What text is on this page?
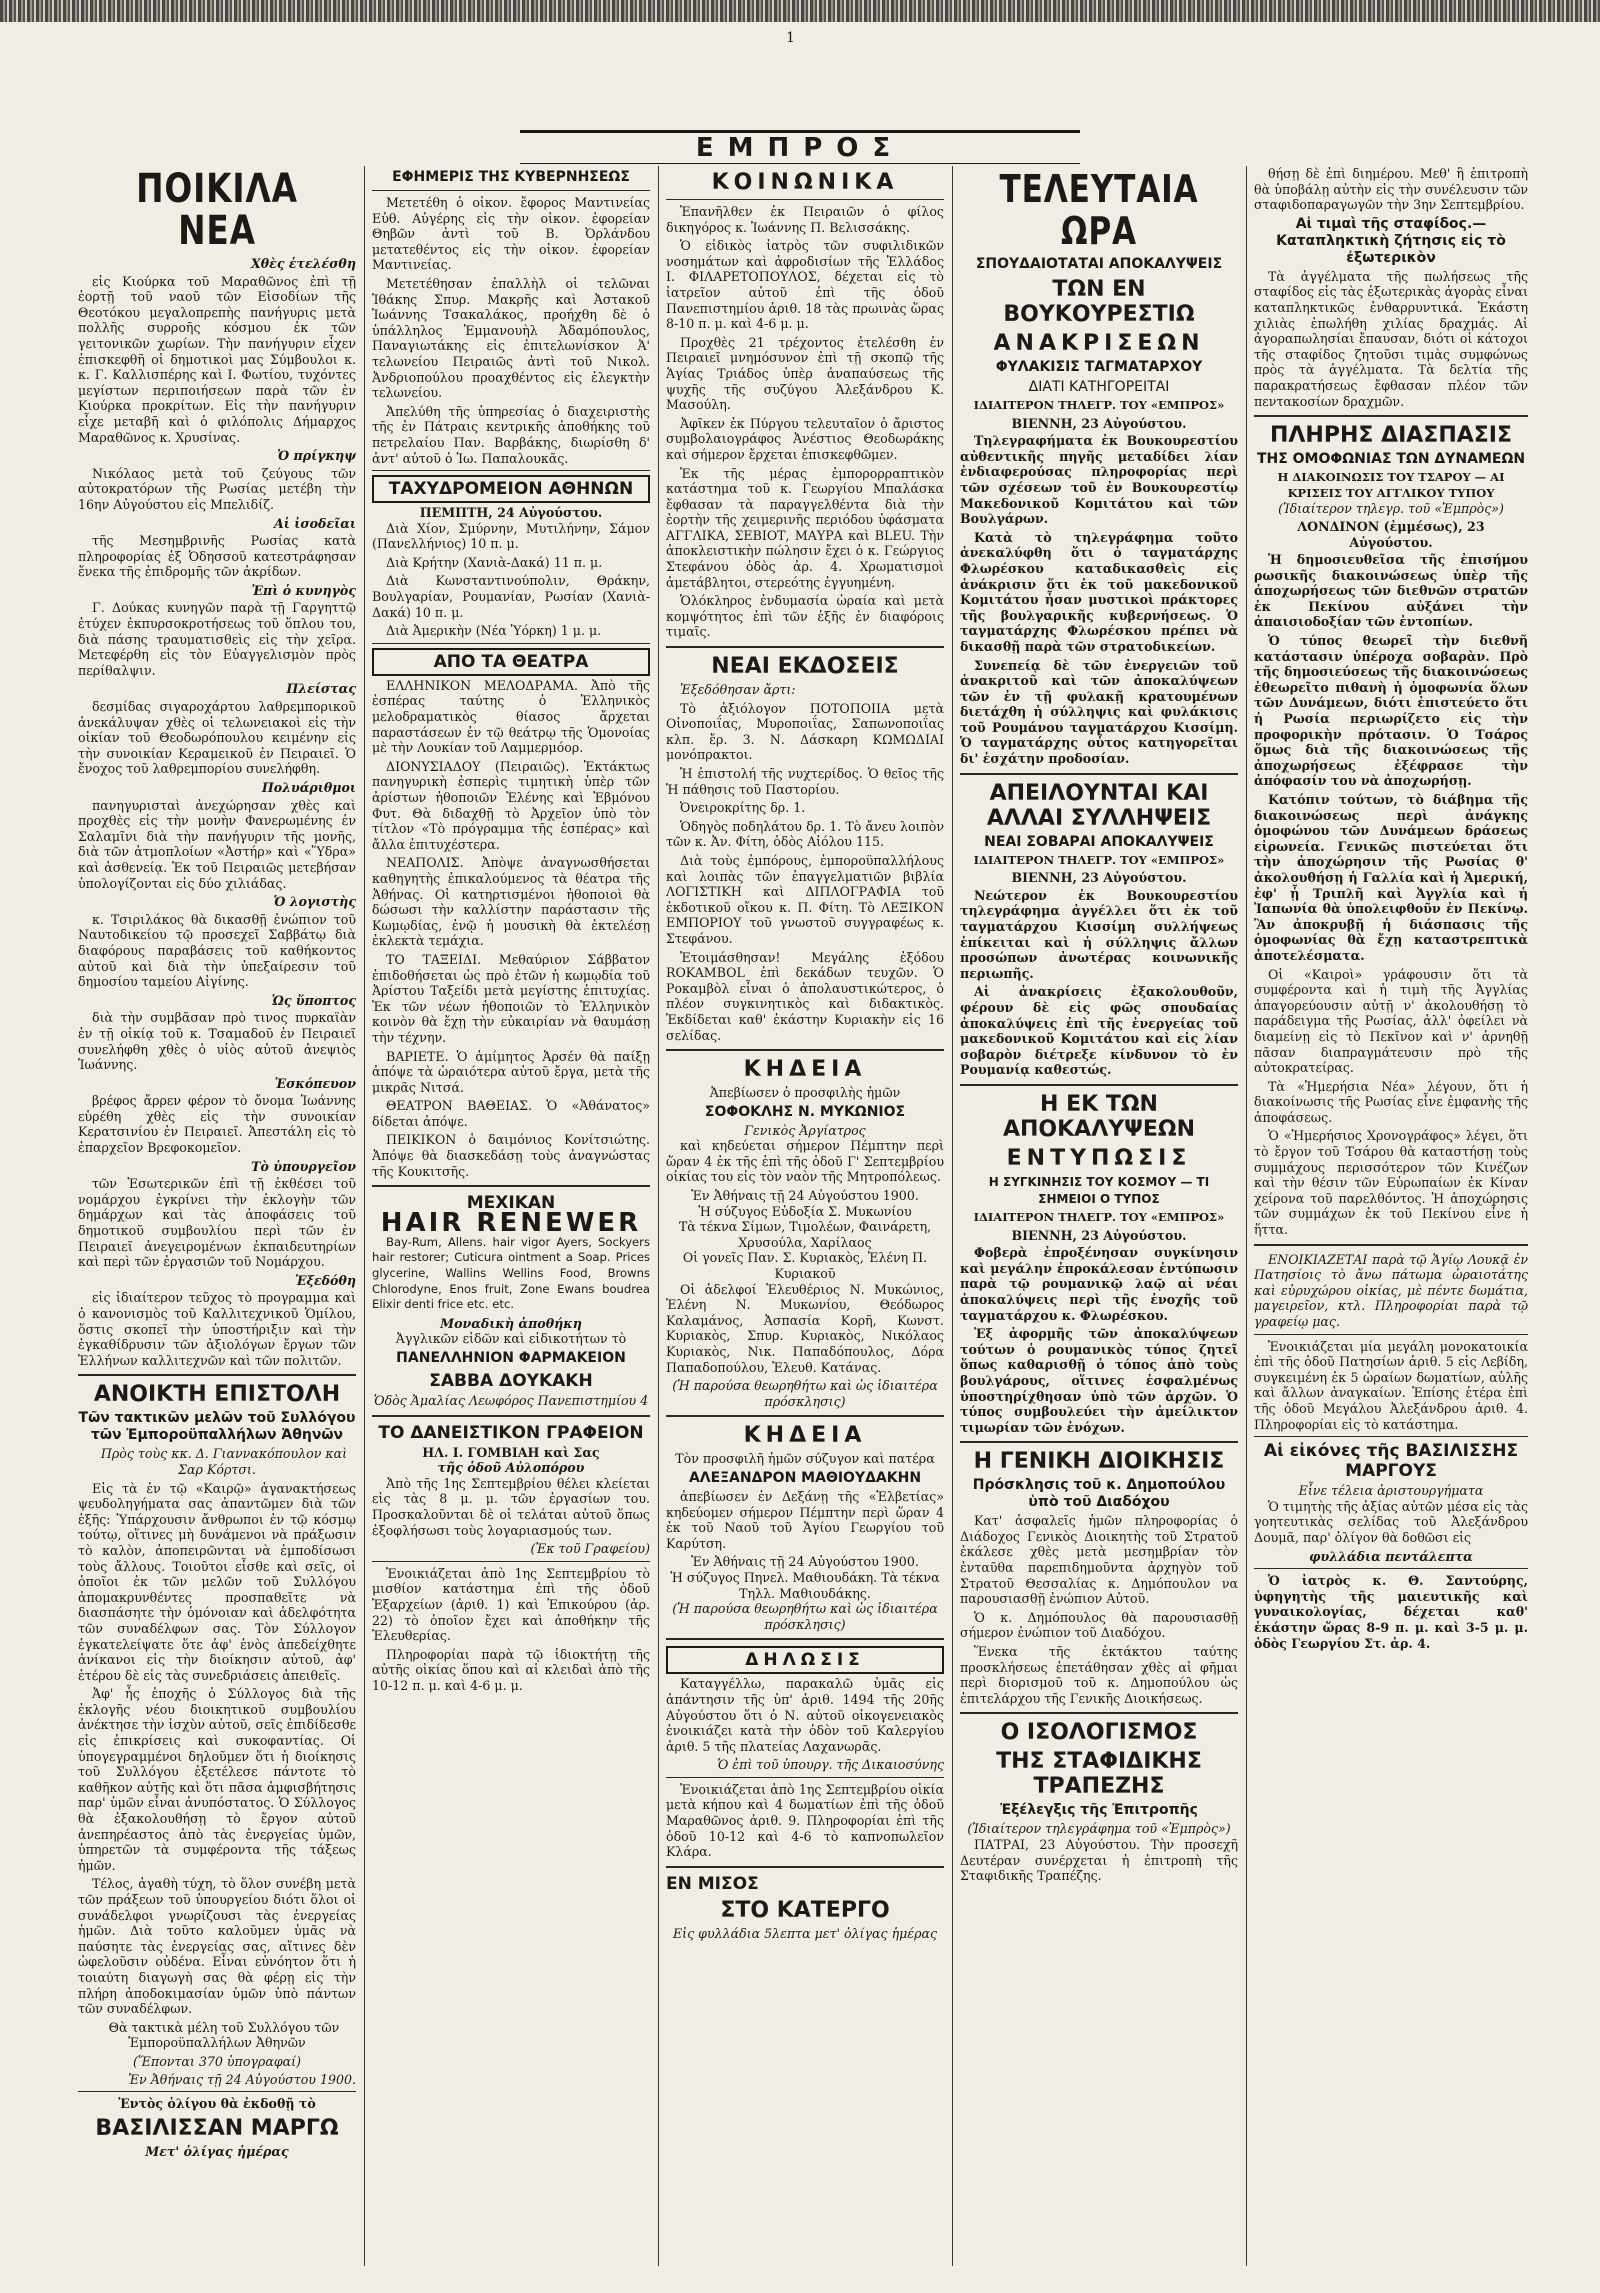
1
ΕΜΠΡΟΣ
ΠΟΙΚΙΛΑ ΝΕΑ
Χθὲς ἑτελέσθη

εἰς Κιούρκα τοῦ Μαραθῶνος ἐπὶ τῇ ἑορτῇ τοῦ ναοῦ τῶν Εἰσοδίων τῆς Θεοτόκου μεγαλοπρεπὴς πανήγυρις μετὰ πολλῆς συρροῆς κόσμου ἐκ τῶν γειτονικῶν χωρίων. Τὴν πανήγυριν εἶχεν ἐπισκεφθῆ οἱ δημοτικοὶ μας Σύμβουλοι κ. κ. Γ. Καλλισπέρης καὶ Ι. Φωτίου, τυχόντες μεγίστων περιποιήσεων παρὰ τῶν ἐν Κιούρκα προκρίτων. Εἰς τὴν πανήγυριν εἶχε μεταβῆ καὶ ὁ φιλόπολις Δήμαρχος Μαραθῶνος κ. Χρυσίνας.

Ὁ πρίγκηψ

Νικόλαος μετὰ τοῦ ζεύγους τῶν αὐτοκρατόρων τῆς Ρωσίας μετέβη τὴν 16ην Αὐγούστου εἰς Μπελιδίζ.

Αἱ ἰσοδεῖαι

τῆς Μεσημβρινῆς Ρωσίας κατὰ πληροφορίας ἐξ Ὀδησσοῦ κατεστράφησαν ἕνεκα τῆς ἐπιδρομῆς τῶν ἀκρίδων.

Ἐπὶ ὁ κυνηγὸς

Γ. Δούκας κυνηγῶν παρὰ τῇ Γαργηττῷ ἐτύχεν ἐκπυρσοκροτήσεως τοῦ ὅπλου του, διὰ πάσης τραυματισθεὶς εἰς τὴν χεῖρα. Μετεφέρθη εἰς τὸν Εὐαγγελισμὸν πρὸς περίθαλψιν.

Πλείστας

δεσμίδας σιγαροχάρτου λαθρεμπορικοῦ ἀνεκάλυψαν χθὲς οἱ τελωνειακοὶ εἰς τὴν οἰκίαν τοῦ Θεοδωρόπουλου κειμένην εἰς τὴν συνοικίαν Κεραμεικοῦ ἐν Πειραιεῖ. Ὁ ἔνοχος τοῦ λαθρεμπορίου συνελήφθη.

Πολυάριθμοι

πανηγυρισταὶ ἀνεχώρησαν χθὲς καὶ προχθὲς εἰς τὴν μονὴν Φανερωμένης ἐν Σαλαμῖνι διὰ τὴν πανήγυριν τῆς μονῆς, διὰ τῶν ἀτμοπλοίων «Ἀστήρ» καὶ «Ὕδρα» καὶ ἀσθενείᾳ. Ἐκ τοῦ Πειραιῶς μετεβήσαν ὑπολογίζονται εἰς δύο χιλιάδας.

Ὁ λογιστὴς

κ. Τσιριλάκος θὰ δικασθῇ ἐνώπιον τοῦ Ναυτοδικείου τῷ προσεχεῖ Σαββάτῳ διὰ διαφόρους παραβάσεις τοῦ καθήκοντος αὐτοῦ καὶ διὰ τὴν ὑπεξαίρεσιν τοῦ δημοσίου ταμείου Αἰγίνης.

Ὡς ὕποπτος

διὰ τὴν συμβᾶσαν πρὸ τινος πυρκαϊὰν ἐν τῇ οἰκίᾳ τοῦ κ. Τσαμαδοῦ ἐν Πειραιεῖ συνελήφθη χθὲς ὁ υἱὸς αὐτοῦ ἀνεψιὸς Ἰωάννης.

Ἐσκόπευον

βρέφος ἄρρεν φέρον τὸ ὄνομα Ἰωάννης εὑρέθη χθὲς εἰς τὴν συνοικίαν Κερατσινίου ἐν Πειραιεῖ. Ἀπεστάλη εἰς τὸ ἐπαρχεῖον Βρεφοκομεῖον.

Τὸ ὑπουργεῖον

τῶν Ἐσωτερικῶν ἐπὶ τῇ ἐκθέσει τοῦ νομάρχου ἐγκρίνει τὴν ἐκλογὴν τῶν δημάρχων καὶ τὰς ἀποφάσεις τοῦ δημοτικοῦ συμβουλίου περὶ τῶν ἐν Πειραιεῖ ἀνεγειρομένων ἐκπαιδευτηρίων καὶ περὶ τῶν ἐργασιῶν τοῦ Νομάρχου.

Ἐξεδόθη

εἰς ἰδιαίτερον τεῦχος τὸ προγραμμα καὶ ὁ κανονισμὸς τοῦ Καλλιτεχνικοῦ Ὁμίλου, ὅστις σκοπεῖ τὴν ὑποστήριξιν καὶ τὴν ἐγκαθίδρυσιν τῶν ἀξιολόγων ἔργων τῶν Ἑλλήνων καλλιτεχνῶν καὶ τῶν πολιτῶν.

ΑΝΟΙΚΤΗ ΕΠΙΣΤΟΛΗ
Τῶν τακτικῶν μελῶν τοῦ Συλλόγου τῶν Ἐμποροϋπαλλήλων Ἀθηνῶν

Πρὸς τοὺς κκ. Δ. Γιαννακόπουλον καὶ Σαρ Κόρτσι.

Εἰς τὰ ἐν τῷ «Καιρῷ» ἀγανακτήσεως ψευδοληγήματα σας ἀπαντῶμεν διὰ τῶν ἑξῆς: Ὑπάρχουσιν ἄνθρωποι ἐν τῷ κόσμῳ τούτῳ, οἵτινες μὴ δυνάμενοι νὰ πράξωσιν τὸ καλὸν, ἀποπειρῶνται νὰ ἐμποδίσωσι τοὺς ἄλλους. Τοιοῦτοι εἶσθε καὶ σεῖς, οἱ ὁποῖοι ἐκ τῶν μελῶν τοῦ Συλλόγου ἀπομακρυνθέντες προσπαθεῖτε νὰ διασπάσητε τὴν ὁμόνοιαν καὶ ἀδελφότητα τῶν συναδέλφων σας. Τὸν Σύλλογον ἐγκατελείψατε ὅτε ἀφ' ἑνὸς ἀπεδείχθητε ἀνίκανοι εἰς τὴν διοίκησιν αὐτοῦ, ἀφ' ἑτέρου δὲ εἰς τὰς συνεδριάσεις ἀπειθεῖς.

Ἀφ' ἧς ἐποχῆς ὁ Σύλλογος διὰ τῆς ἐκλογῆς νέου διοικητικοῦ συμβουλίου ἀνέκτησε τὴν ἰσχὺν αὐτοῦ, σεῖς ἐπιδίδεσθε εἰς ἐπικρίσεις καὶ συκοφαντίας. Οἱ ὑπογεγραμμένοι δηλοῦμεν ὅτι ἡ διοίκησις τοῦ Συλλόγου ἐξετέλεσε πάντοτε τὸ καθῆκον αὐτῆς καὶ ὅτι πᾶσα ἀμφισβήτησις παρ' ὑμῶν εἶναι ἀνυπόστατος. Ὁ Σύλλογος θὰ ἐξακολουθήσῃ τὸ ἔργον αὐτοῦ ἀνεπηρέαστος ἀπὸ τὰς ἐνεργείας ὑμῶν, ὑπηρετῶν τὰ συμφέροντα τῆς τάξεως ἡμῶν.

Τέλος, ἀγαθὴ τύχη, τὸ ὅλον συνέβη μετὰ τῶν πράξεων τοῦ ὑπουργείου διότι ὅλοι οἱ συνάδελφοι γνωρίζουσι τὰς ἐνεργείας ἡμῶν. Διὰ τοῦτο καλοῦμεν ὑμᾶς νὰ παύσητε τὰς ἐνεργείας σας, αἵτινες δὲν ὠφελοῦσιν οὐδένα. Εἶναι εὐνόητον ὅτι ἡ τοιαύτη διαγωγὴ σας θὰ φέρῃ εἰς τὴν πλήρη ἀποδοκιμασίαν ὑμῶν ὑπὸ πάντων τῶν συναδέλφων.

Θὰ τακτικὰ μέλη τοῦ Συλλόγου τῶν Ἐμποροϋπαλλήλων Ἀθηνῶν

(Ἕπονται 370 ὑπογραφαί)
Ἐν Ἀθήναις τῇ 24 Αὐγούστου 1900.
Ἐντὸς ὀλίγου θὰ ἐκδοθῇ τὸ
ΒΑΣΙΛΙΣΣΑΝ ΜΑΡΓΩ
Μετ' ὀλίγας ἡμέρας
ΕΦΗΜΕΡΙΣ ΤΗΣ ΚΥΒΕΡΝΗΣΕΩΣ

Μετετέθη ὁ οἰκον. ἔφορος Μαντινείας Εὐθ. Αὐγέρης εἰς τὴν οἰκον. ἐφορείαν Θηβῶν ἀντὶ τοῦ Β. Ὀρλάνδου μετατεθέντος εἰς τὴν οἰκον. ἐφορείαν Μαντινείας.

Μετετέθησαν ἐπαλλὴλ οἱ τελῶναι Ἰθάκης Σπυρ. Μακρῆς καὶ Ἀστακοῦ Ἰωάννης Τσακαλάκος, προήχθη δὲ ὁ ὑπάλληλος Ἐμμανουὴλ Ἀδαμόπουλος, Παναγιωτάκης εἰς ἐπιτελωνίσκον Ἀ' τελωνείου Πειραιῶς ἀντὶ τοῦ Νικολ. Ἀνδριοπούλου προαχθέντος εἰς ἐλεγκτὴν τελωνείου.

Ἀπελύθη τῆς ὑπηρεσίας ὁ διαχειριστὴς τῆς ἐν Πάτραις κεντρικῆς ἀποθήκης τοῦ πετρελαίου Παν. Βαρβάκης, διωρίσθη δ' ἀντ' αὐτοῦ ὁ Ἰω. Παπαλουκᾶς.

ΤΑΧΥΔΡΟΜΕΙΟΝ ΑΘΗΝΩΝ
ΠΕΜΠΤΗ, 24 Αὐγούστου.

Διὰ Χίον, Σμύρνην, Μυτιλήνην, Σάμον (Πανελλήνιος) 10 π. μ.

Διὰ Κρήτην (Χανιὰ-Δακά) 11 π. μ.

Διὰ Κωνσταντινούπολιν, Θράκην, Βουλγαρίαν, Ρουμανίαν, Ρωσίαν (Χανιὰ-Δακά) 10 π. μ.

Διὰ Ἀμερικὴν (Νέα Ὑόρκη) 1 μ. μ.

ΑΠΟ ΤΑ ΘΕΑΤΡΑ

ΕΛΛΗΝΙΚΟΝ ΜΕΛΟΔΡΑΜΑ. Ἀπὸ τῆς ἑσπέρας ταύτης ὁ Ἑλληνικὸς μελοδραματικὸς θίασος ἄρχεται παραστάσεων ἐν τῷ θεάτρῳ τῆς Ὁμονοίας μὲ τὴν Λουκίαν τοῦ Λαμμερμόορ.

ΔΙΟΝΥΣΙΑΔΟΥ (Πειραιῶς). Ἐκτάκτως πανηγυρικὴ ἐσπερὶς τιμητικὴ ὑπὲρ τῶν ἀρίστων ἠθοποιῶν Ἑλένης καὶ Ἐβμόνου Φυτ. Θὰ διδαχθῇ τὸ Ἀρχεῖον ὑπὸ τὸν τίτλον «Τὸ πρόγραμμα τῆς ἑσπέρας» καὶ ἄλλα ἐπιτυχέστερα.

ΝΕΑΠΟΛΙΣ. Ἀπὸψε ἀναγνωσθήσεται καθηγητὴς ἐπικαλούμενος τὰ θέατρα τῆς Ἀθήνας. Οἱ κατηρτισμένοι ἠθοποιοὶ θὰ δώσωσι τὴν καλλίστην παράστασιν τῆς Κωμῳδίας, ἐνῷ ἡ μουσικὴ θὰ ἐκτελέσῃ ἐκλεκτὰ τεμάχια.

ΤΟ ΤΑΞΕΙΔΙ. Μεθαύριον Σάββατον ἐπιδοθήσεται ὡς πρὸ ἐτῶν ἡ κωμῳδία τοῦ Ἀρίστου Ταξείδι μετὰ μεγίστης ἐπιτυχίας. Ἐκ τῶν νέων ἠθοποιῶν τὸ Ἑλληνικὸν κοινὸν θὰ ἔχῃ τὴν εὐκαιρίαν νὰ θαυμάσῃ τὴν τέχνην.

ΒΑΡΙΕΤΕ. Ὁ ἀμίμητος Ἀρσέν θὰ παίξῃ ἀπόψε τὰ ὡραιότερα αὐτοῦ ἔργα, μετὰ τῆς μικρᾶς Νιτσά.

ΘΕΑΤΡΟΝ ΒΑΘΕΙΑΣ. Ὁ «Ἀθάνατος» δίδεται ἀπόψε.

ΠΕΙΚΙΚΟΝ ὁ δαιμόνιος Κονίτσιώτης. Ἀπόψε θὰ διασκεδάσῃ τοὺς ἀναγνώστας τῆς Κουκιτσῆς.

ΜΕΧΙΚΑΝ
HAIR RENEWER

Bay-Rum, Allens. hair vigor Ayers, Sockyers hair restorer; Cuticura ointment a Soap. Prices glycerine, Wallins Wellins Food, Browns Chlorodyne, Enos fruit, Zone Ewans boudrea Elixir denti frice etc. etc.

Μοναδικὴ ἀποθήκη
Ἀγγλικῶν εἰδῶν καὶ εἰδικοτήτων τὸ
ΠΑΝΕΛΛΗΝΙΟΝ ΦΑΡΜΑΚΕΙΟΝ
ΣΑΒΒΑ ΔΟΥΚΑΚΗ
Ὁδὸς Ἀμαλίας Λεωφόρος Πανεπιστημίου 4
ΤΟ ΔΑΝΕΙΣΤΙΚΟΝ ΓΡΑΦΕΙΟΝ
ΗΛ. Ι. ΓΟΜΒΙΑΗ καὶ Σας
τῆς ὁδοῦ Αὐλοπόρου

Ἀπὸ τῆς 1ης Σεπτεμβρίου θέλει κλείεται εἰς τὰς 8 μ. μ. τῶν ἐργασίων του. Προσκαλοῦνται δὲ οἱ τελάται αὐτοῦ ὅπως ἐξοφλήσωσι τοὺς λογαριασμούς των.

(Ἐκ τοῦ Γραφείου)

Ἐνοικιάζεται ἀπὸ 1ης Σεπτεμβρίου τὸ μισθίον κατάστημα ἐπὶ τῆς ὁδοῦ Ἐξαρχείων (ἀριθ. 1) καὶ Ἐπικούρου (ἀρ. 22) τὸ ὁποῖον ἔχει καὶ ἀποθήκην τῆς Ἐλευθερίας.

Πληροφορίαι παρὰ τῷ ἰδιοκτήτῃ τῆς αὐτῆς οἰκίας ὅπου καὶ αἱ κλειδαὶ ἀπὸ τῆς 10-12 π. μ. καὶ 4-6 μ. μ.

ΚΟΙΝΩΝΙΚΑ

Ἐπανῆλθεν ἐκ Πειραιῶν ὁ φίλος δικηγόρος κ. Ἰωάννης Π. Βελισσάκης.

Ὁ εἰδικὸς ἰατρὸς τῶν συφιλιδικῶν νοσημάτων καὶ ἀφροδισίων τῆς Ἑλλάδος Ι. ΦΙΛΑΡΕΤΟΠΟΥΛΟΣ, δέχεται εἰς τὸ ἰατρεῖον αὐτοῦ ἐπὶ τῆς ὁδοῦ Πανεπιστημίου ἀριθ. 18 τὰς πρωινὰς ὥρας 8-10 π. μ. καὶ 4-6 μ. μ.

Προχθὲς 21 τρέχοντος ἐτελέσθη ἐν Πειραιεῖ μνημόσυνον ἐπὶ τῇ σκοπῷ τῆς Ἁγίας Τριάδος ὑπὲρ ἀναπαύσεως τῆς ψυχῆς τῆς συζύγου Ἀλεξάνδρου Κ. Μασούλη.

Ἀφῖκεν ἐκ Πύργου τελευταῖον ὁ ἄριστος συμβολαιογράφος Ἀνέστιος Θεοδωράκης καὶ σήμερον ἔρχεται ἐπισκεφθῶμεν.

Ἐκ τῆς μέρας ἐμπορορραπτικὸν κατάστημα τοῦ κ. Γεωργίου Μπαλάσκα ἔφθασαν τὰ παραγγελθέντα διὰ τὴν ἑορτὴν τῆς χειμερινῆς περιόδου ὑφάσματα ΑΓΓΛΙΚΑ, ΣΕΒΙΟΤ, ΜΑΥΡΑ καὶ BLEU. Τὴν ἀποκλειστικὴν πώλησιν ἔχει ὁ κ. Γεώργιος Στεφάνου ὁδὸς ἀρ. 4. Χρωματισμοὶ ἀμετάβλητοι, στερεότης ἐγγυημένη.

Ὁλόκληρος ἐνδυμασία ὡραία καὶ μετὰ κομψότητος ἐπὶ τῶν ἑξῆς ἐν διαφόροις τιμαῖς.

ΝΕΑΙ ΕΚΔΟΣΕΙΣ

Ἐξεδόθησαν ἄρτι:

Τὸ ἀξιόλογον ΠΟΤΟΠΟΙΙΑ μετὰ Οἰνοποιΐας, Μυροποιΐας, Σαπωνοποιΐας κλπ. ἔρ. 3. Ν. Δάσκαρη ΚΩΜΩΔΙΑΙ μονόπρακτοι.

Ἡ ἐπιστολή τῆς νυχτερίδος. Ὁ θεῖος τῆς Ἡ πάθησις τοῦ Παστορίου.

Ὀνειροκρίτης δρ. 1.

Ὁδηγὸς ποδηλάτου δρ. 1. Τὸ ἄνευ λοιπὸν τῶν κ. Ἀν. Φίτη, ὁδὸς Αἰόλου 115.

Διὰ τοὺς ἐμπόρους, ἐμποροϋπαλλήλους καὶ λοιπὰς τῶν ἐπαγγελματιῶν βιβλία ΛΟΓΙΣΤΙΚΗ καὶ ΔΙΠΛΟΓΡΑΦΙΑ τοῦ ἐκδοτικοῦ οἴκου κ. Π. Φίτη. Τὸ ΛΕΞΙΚΟΝ ΕΜΠΟΡΙΟΥ τοῦ γνωστοῦ συγγραφέως κ. Στεφάνου.

Ἐτοιμάσθησαν! Μεγάλης ἐξόδου ROKAMBOL ἐπὶ δεκάδων τευχῶν. Ὁ Ροκαμβὸλ εἶναι ὁ ἀπολαυστικώτερος, ὁ πλέον συγκινητικὸς καὶ διδακτικὸς. Ἐκδίδεται καθ' ἑκάστην Κυριακὴν εἰς 16 σελίδας.

ΚΗΔΕΙΑ
Ἀπεβίωσεν ὁ προσφιλὴς ἡμῶν
ΣΟΦΟΚΛΗΣ Ν. ΜΥΚΩΝΙΟΣ
Γενικὸς Ἀργίατρος

καὶ κηδεύεται σήμερον Πέμπτην περὶ ὥραν 4 ἐκ τῆς ἐπὶ τῆς ὁδοῦ Γ' Σεπτεμβρίου οἰκίας του εἰς τὸν ναὸν τῆς Μητροπόλεως.

Ἐν Ἀθήναις τῇ 24 Αὐγούστου 1900.
Ἡ σύζυγος Εὐδοξία Σ. Μυκωνίου
Τὰ τέκνα Σίμων, Τιμολέων, Φαινάρετη, Χρυσούλα, Χαρίλαος
Οἱ γονεῖς Παν. Σ. Κυριακὸς, Ἑλένη Π. Κυριακοῦ

Οἱ ἀδελφοί Ἐλευθέριος Ν. Μυκώνιος, Ἑλένη Ν. Μυκωνίου, Θεόδωρος Καλαμάνος, Ἀσπασία Κορῆ, Κωνστ. Κυριακὸς, Σπυρ. Κυριακὸς, Νικόλαος Κυριακὸς, Νικ. Παπαδόπουλος, Δόρα Παπαδοπούλου, Ἐλευθ. Κατάνας.

(Ἡ παρούσα θεωρηθήτω καὶ ὡς ἰδιαιτέρα πρόσκλησις)
ΚΗΔΕΙΑ
Τὸν προσφιλῆ ἡμῶν σύζυγον καὶ πατέρα
ΑΛΕΞΑΝΔΡΟΝ ΜΑΘΙΟΥΔΑΚΗΝ

ἀπεβίωσεν ἐν Δεξάνῃ τῆς «Ἑλβετίας» κηδεύομεν σήμερον Πέμπτην περὶ ὥραν 4 ἐκ τοῦ Ναοῦ τοῦ Ἁγίου Γεωργίου τοῦ Καρύτση.

Ἐν Ἀθήναις τῇ 24 Αὐγούστου 1900.
Ἡ σύζυγος Πηνελ. Μαθιουδάκη. Τὰ τέκνα Τηλλ. Μαθιουδάκης.
(Ἡ παρούσα θεωρηθήτω καὶ ὡς ἰδιαιτέρα πρόσκλησις)
ΔΗΛΩΣΙΣ

Καταγγέλλω, παρακαλῶ ὑμᾶς εἰς ἀπάντησιν τῆς ὑπ' ἀριθ. 1494 τῆς 20ῆς Αὐγούστου ὅτι ὁ Ν. αὐτοῦ οἰκογενειακὸς ἑνοικιάζει κατὰ τὴν ὁδὸν τοῦ Καλεργίου ἀριθ. 5 τῆς πλατείας Λαχανωρᾶς.

Ὁ ἐπὶ τοῦ ὑπουργ. τῆς Δικαιοσύνης

Ἐνοικιάζεται ἀπὸ 1ης Σεπτεμβρίου οἰκία μετὰ κήπου καὶ 4 δωματίων ἐπὶ τῆς ὁδοῦ Μαραθῶνος ἀριθ. 9. Πληροφορίαι ἐπὶ τῆς ὁδοῦ 10-12 καὶ 4-6 τὸ καπνοπωλεῖον Κλάρα.

ΕΝ ΜΙΣΟΣ
ΣΤΟ ΚΑΤΕΡΓΟ
Εἰς φυλλάδια 5λεπτα μετ' ὀλίγας ἡμέρας
ΤΕΛΕΥΤΑΙΑ ΩΡΑ
ΣΠΟΥΔΑΙΟΤΑΤΑΙ ΑΠΟΚΑΛΥΨΕΙΣ
ΤΩΝ ΕΝ ΒΟΥΚΟΥΡΕΣΤΙΩ
ΑΝΑΚΡΙΣΕΩΝ
ΦΥΛΑΚΙΣΙΣ ΤΑΓΜΑΤΑΡΧΟΥ
ΔΙΑΤΙ ΚΑΤΗΓΟΡΕΙΤΑΙ
ΙΔΙΑΙΤΕΡΟΝ ΤΗΛΕΓΡ. ΤΟΥ «ΕΜΠΡΟΣ»
ΒΙΕΝΝΗ, 23 Αὐγούστου.

Τηλεγραφήματα ἐκ Βουκουρεστίου αὐθεντικῆς πηγῆς μεταδίδει λίαν ἐνδιαφερούσας πληροφορίας περὶ τῶν σχέσεων τοῦ ἐν Βουκουρεστίῳ Μακεδονικοῦ Κομιτάτου καὶ τῶν Βουλγάρων.

Κατὰ τὸ τηλεγράφημα τοῦτο ἀνεκαλύφθη ὅτι ὁ ταγματάρχης Φλωρέσκου καταδικασθεὶς εἰς ἀνάκρισιν ὅτι ἐκ τοῦ μακεδονικοῦ Κομιτάτου ἦσαν μυστικοὶ πράκτορες τῆς βουλγαρικῆς κυβερνήσεως. Ὁ ταγματάρχης Φλωρέσκου πρέπει νὰ δικασθῇ παρὰ τῶν στρατοδικείων.

Συνεπείᾳ δὲ τῶν ἐνεργειῶν τοῦ ἀνακριτοῦ καὶ τῶν ἀποκαλύψεων τῶν ἐν τῇ φυλακῇ κρατουμένων διετάχθη ἡ σύλληψις καὶ φυλάκισις τοῦ Ρουμάνου ταγματάρχου Κισσίμη. Ὁ ταγματάρχης οὗτος κατηγορεῖται δι' ἐσχάτην προδοσίαν.

ΑΠΕΙΛΟΥΝΤΑΙ ΚΑΙ ΑΛΛΑΙ ΣΥΛΛΗΨΕΙΣ
ΝΕΑΙ ΣΟΒΑΡΑΙ ΑΠΟΚΑΛΥΨΕΙΣ
ΙΔΙΑΙΤΕΡΟΝ ΤΗΛΕΓΡ. ΤΟΥ «ΕΜΠΡΟΣ»
ΒΙΕΝΝΗ, 23 Αὐγούστου.

Νεώτερον ἐκ Βουκουρεστίου τηλεγράφημα ἀγγέλλει ὅτι ἐκ τοῦ ταγματάρχου Κισσίμη συλλήψεως ἐπίκειται καὶ ἡ σύλληψις ἄλλων προσώπων ἀνωτέρας κοινωνικῆς περιωπῆς.

Αἱ ἀνακρίσεις ἐξακολουθοῦν, φέρουν δὲ εἰς φῶς σπουδαίας ἀποκαλύψεις ἐπὶ τῆς ἐνεργείας τοῦ μακεδονικοῦ Κομιτάτου καὶ εἰς λίαν σοβαρὸν διέτρεξε κίνδυνον τὸ ἐν Ρουμανίᾳ καθεστώς.

Η ΕΚ ΤΩΝ ΑΠΟΚΑΛΥΨΕΩΝ
ΕΝΤΥΠΩΣΙΣ
Η ΣΥΓΚΙΝΗΣΙΣ ΤΟΥ ΚΟΣΜΟΥ — ΤΙ ΣΗΜΕΙΟΙ Ο ΤΥΠΟΣ
ΙΔΙΑΙΤΕΡΟΝ ΤΗΛΕΓΡ. ΤΟΥ «ΕΜΠΡΟΣ»
ΒΙΕΝΝΗ, 23 Αὐγούστου.

Φοβερὰ ἐπροξένησαν συγκίνησιν καὶ μεγάλην ἐπροκάλεσαν ἐντύπωσιν παρὰ τῷ ρουμανικῷ λαῷ αἱ νέαι ἀποκαλύψεις περὶ τῆς ἐνοχῆς τοῦ ταγματάρχου κ. Φλωρέσκου.

Ἐξ ἀφορμῆς τῶν ἀποκαλύψεων τούτων ὁ ρουμανικὸς τύπος ζητεῖ ὅπως καθαρισθῇ ὁ τόπος ἀπὸ τοὺς βουλγάρους, οἵτινες ἐσφαλμένως ὑποστηρίχθησαν ὑπὸ τῶν ἀρχῶν. Ὁ τύπος συμβουλεύει τὴν ἀμείλικτον τιμωρίαν τῶν ἐνόχων.

Η ΓΕΝΙΚΗ ΔΙΟΙΚΗΣΙΣ
Πρόσκλησις τοῦ κ. Δημοπούλου ὑπὸ τοῦ Διαδόχου

Κατ' ἀσφαλεῖς ἡμῶν πληροφορίας ὁ Διάδοχος Γενικὸς Διοικητὴς τοῦ Στρατοῦ ἐκάλεσε χθὲς μετὰ μεσημβρίαν τὸν ἐνταῦθα παρεπιδημοῦντα ἀρχηγὸν τοῦ Στρατοῦ Θεσσαλίας κ. Δημόπουλον να παρουσιασθῇ ἐνώπιον Αὐτοῦ.

Ὁ κ. Δημόπουλος θὰ παρουσιασθῇ σήμερον ἐνώπιον τοῦ Διαδόχου.

Ἕνεκα τῆς ἐκτάκτου ταύτης προσκλήσεως ἐπετάθησαν χθὲς αἱ φῆμαι περὶ διορισμοῦ τοῦ κ. Δημοπούλου ὡς ἐπιτελάρχου τῆς Γενικῆς Διοικήσεως.

Ο ΙΣΟΛΟΓΙΣΜΟΣ
ΤΗΣ ΣΤΑΦΙΔΙΚΗΣ ΤΡΑΠΕΖΗΣ
Ἐξέλεγξις τῆς Ἐπιτροπῆς
(Ἰδιαίτερον τηλεγράφημα τοῦ «Ἐμπρὸς»)

ΠΑΤΡΑΙ, 23 Αὐγούστου. Τὴν προσεχῆ Δευτέραν συνέρχεται ἡ ἐπιτροπὴ τῆς Σταφιδικῆς Τραπέζης.

θήσῃ δὲ ἐπὶ διημέρου. Μεθ' ἣ ἐπιτροπὴ θὰ ὑποβάλῃ αὐτὴν εἰς τὴν συνέλευσιν τῶν σταφιδοπαραγωγῶν τὴν 3ην Σεπτεμβρίου.

Αἱ τιμαὶ τῆς σταφίδος.— Καταπληκτικὴ ζήτησις εἰς τὸ ἐξωτερικὸν

Τὰ ἀγγέλματα τῆς πωλήσεως τῆς σταφίδος εἰς τὰς ἐξωτερικὰς ἀγορὰς εἶναι καταπληκτικῶς ἐνθαρρυντικά. Ἑκάστη χιλιὰς ἐπωλήθη χιλίας δραχμάς. Αἱ ἀγοραπωλησίαι ἔπαυσαν, διότι οἱ κάτοχοι τῆς σταφίδος ζητοῦσι τιμὰς συμφώνως πρὸς τὰ ἀγγέλματα. Τὰ δελτία τῆς παρακρατήσεως ἔφθασαν πλέον τῶν πεντακοσίων δραχμῶν.

ΠΛΗΡΗΣ ΔΙΑΣΠΑΣΙΣ
ΤΗΣ ΟΜΟΦΩΝΙΑΣ ΤΩΝ ΔΥΝΑΜΕΩΝ
Η ΔΙΑΚΟΙΝΩΣΙΣ ΤΟΥ ΤΣΑΡΟΥ — ΑΙ ΚΡΙΣΕΙΣ ΤΟΥ ΑΓΓΛΙΚΟΥ ΤΥΠΟΥ
(Ἰδιαίτερον τηλεγρ. τοῦ «Ἐμπρὸς»)
ΛΟΝΔΙΝΟΝ (ἐμμέσως), 23 Αὐγούστου.

Ἡ δημοσιευθεῖσα τῆς ἐπισήμου ρωσικῆς διακοινώσεως ὑπὲρ τῆς ἀποχωρήσεως τῶν διεθνῶν στρατῶν ἐκ Πεκίνου αὐξάνει τὴν ἀπαισιοδοξίαν τῶν ἐντοπίων.

Ὁ τύπος θεωρεῖ τὴν διεθνῆ κατάστασιν ὑπέροχα σοβαρὰν. Πρὸ τῆς δημοσιεύσεως τῆς διακοινώσεως ἐθεωρεῖτο πιθανὴ ἡ ὁμοφωνία ὅλων τῶν Δυνάμεων, διότι ἐπιστεύετο ὅτι ἡ Ρωσία περιωρίζετο εἰς τὴν προφορικὴν πρότασιν. Ὁ Τσάρος ὅμως διὰ τῆς διακοινώσεως τῆς ἀποχωρήσεως ἐξέφρασε τὴν ἀπόφασίν του νὰ ἀποχωρήσῃ.

Κατόπιν τούτων, τὸ διάβημα τῆς διακοινώσεως περὶ ἀνάγκης ὁμοφώνου τῶν Δυνάμεων δράσεως εἰρωνεία. Γενικῶς πιστεύεται ὅτι τὴν ἀποχώρησιν τῆς Ρωσίας θ' ἀκολουθήσῃ ἡ Γαλλία καὶ ἡ Ἀμερική, ἐφ' ᾗ Τριπλῆ καὶ Ἀγγλία καὶ ἡ Ἰαπωνία θὰ ὑπολειφθοῦν ἐν Πεκίνῳ. Ἂν ἀποκρυβῇ ἡ διάσπασις τῆς ὁμοφωνίας θὰ ἔχῃ καταστρεπτικὰ ἀποτελέσματα.

Οἱ «Καιροὶ» γράφουσιν ὅτι τὰ συμφέροντα καὶ ἡ τιμὴ τῆς Ἀγγλίας ἀπαγορεύουσιν αὐτῇ ν' ἀκολουθήσῃ τὸ παράδειγμα τῆς Ρωσίας, ἀλλ' ὀφείλει νὰ διαμείνῃ εἰς τὸ Πεκῖνον καὶ ν' ἀρνηθῇ πᾶσαν διαπραγμάτευσιν πρὸ τῆς αὐτοκρατείρας.

Τὰ «Ἡμερήσια Νέα» λέγουν, ὅτι ἡ διακοίνωσις τῆς Ρωσίας εἶνε ἐμφανὴς τῆς ἀποφάσεως.

Ὁ «Ἡμερήσιος Χρονογράφος» λέγει, ὅτι τὸ ἔργον τοῦ Τσάρου θὰ καταστήσῃ τοὺς συμμάχους περισσότερον τῶν Κινέζων καὶ τὴν θέσιν τῶν Εὐρωπαίων ἐκ Κίναν χείρονα τοῦ παρελθόντος. Ἡ ἀποχώρησις τῶν συμμάχων ἐκ τοῦ Πεκίνου εἶνε ἡ ἥττα.

ΕΝΟΙΚΙΑΖΕΤΑΙ παρὰ τῷ Ἁγίῳ Λουκᾷ ἐν Πατησίοις τὸ ἄνω πάτωμα ὡραιοτάτης καὶ εὐρυχώρου οἰκίας, μὲ πέντε δωμάτια, μαγειρεῖον, κτλ. Πληροφορίαι παρὰ τῷ γραφείῳ μας.

Ἐνοικιάζεται μία μεγάλη μονοκατοικία ἐπὶ τῆς ὁδοῦ Πατησίων ἀριθ. 5 εἰς Λεβίδη, συγκειμένη ἐκ 5 ὡραίων δωματίων, αὐλῆς καὶ ἄλλων ἀναγκαίων. Ἐπίσης ἑτέρα ἐπὶ τῆς ὁδοῦ Μεγάλου Ἀλεξάνδρου ἀριθ. 4. Πληροφορίαι εἰς τὸ κατάστημα.

Αἱ εἰκόνες τῆς ΒΑΣΙΛΙΣΣΗΣ ΜΑΡΓΟΥΣ
Εἶνε τέλεια ἀριστουργήματα

Ὁ τιμητὴς τῆς ἀξίας αὐτῶν μέσα εἰς τὰς γοητευτικὰς σελίδας τοῦ Ἀλεξάνδρου Δουμᾶ, παρ' ὀλίγον θὰ δοθῶσι εἰς

φυλλάδια πεντάλεπτα

Ὁ ἰατρὸς κ. Θ. Σαντούρης, ὑφηγητὴς τῆς μαιευτικῆς καὶ γυναικολογίας, δέχεται καθ' ἑκάστην ὥρας 8-9 π. μ. καὶ 3-5 μ. μ. ὁδὸς Γεωργίου Στ. ἀρ. 4.
